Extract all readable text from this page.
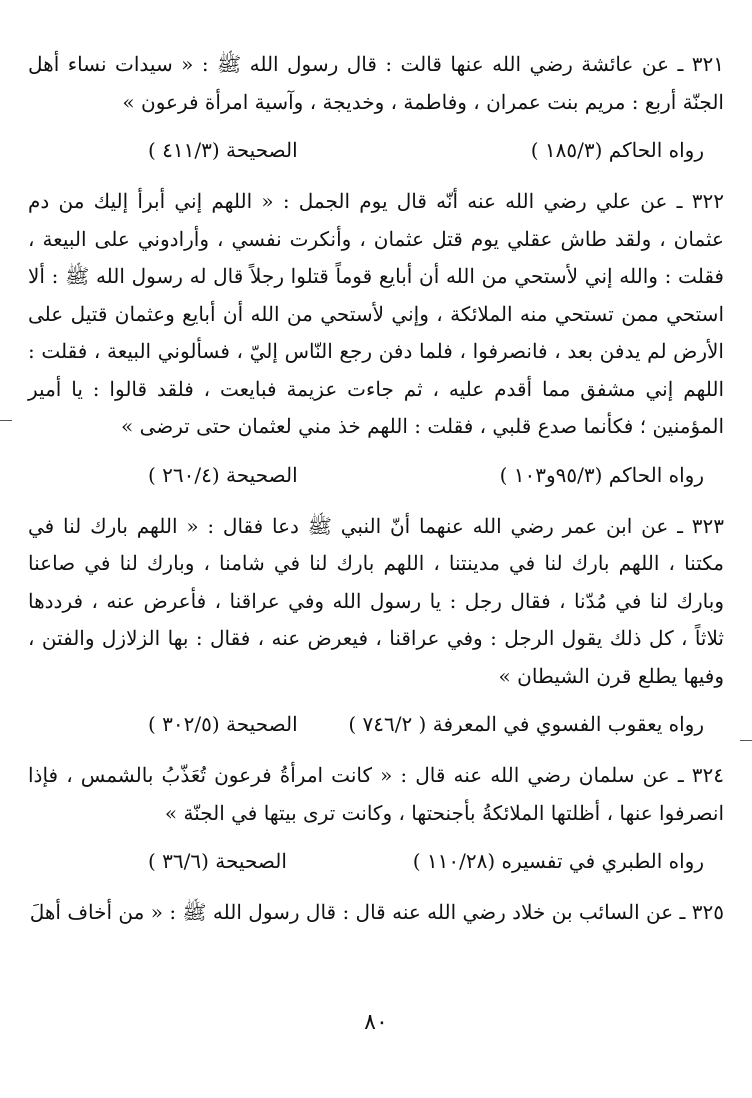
٣٢١ ـ عن عائشة رضي الله عنها قالت : قال رسول الله ﷺ : « سيدات نساء أهل الجنّة أربع : مريم بنت عمران ، وفاطمة ، وخديجة ، وآسية امرأة فرعون »

رواه الحاكم (١٨٥/٣ )
الصحيحة (٤١١/٣ )

٣٢٢ ـ عن علي رضي الله عنه أنّه قال يوم الجمل : « اللهم إني أبرأ إليك من دم عثمان ، ولقد طاش عقلي يوم قتل عثمان ، وأنكرت نفسي ، وأرادوني على البيعة ، فقلت : والله إني لأستحي من الله أن أبايع قوماً قتلوا رجلاً قال له رسول الله ﷺ : ألا استحي ممن تستحي منه الملائكة ، وإني لأستحي من الله أن أبايع وعثمان قتيل على الأرض لم يدفن بعد ، فانصرفوا ، فلما دفن رجع النّاس إليّ ، فسألوني البيعة ، فقلت : اللهم إني مشفق مما أقدم عليه ، ثم جاءت عزيمة فبايعت ، فلقد قالوا : يا أمير المؤمنين ؛ فكأنما صدع قلبي ، فقلت : اللهم خذ مني لعثمان حتى ترضى »

رواه الحاكم (٩٥/٣و١٠٣ )
الصحيحة (٢٦٠/٤ )

٣٢٣ ـ عن ابن عمر رضي الله عنهما أنّ النبي ﷺ دعا فقال : « اللهم بارك لنا في مكتنا ، اللهم بارك لنا في مدينتنا ، اللهم بارك لنا في شامنا ، وبارك لنا في صاعنا وبارك لنا في مُدّنا ، فقال رجل : يا رسول الله وفي عراقنا ، فأعرض عنه ، فرددها ثلاثاً ، كل ذلك يقول الرجل : وفي عراقنا ، فيعرض عنه ، فقال : بها الزلازل والفتن ، وفيها يطلع قرن الشيطان »

رواه يعقوب الفسوي في المعرفة ( ٧٤٦/٢ )
الصحيحة (٣٠٢/٥ )

٣٢٤ ـ عن سلمان رضي الله عنه قال : « كانت امرأةُ فرعون تُعَذّبُ بالشمس ، فإذا انصرفوا عنها ، أظلتها الملائكةُ بأجنحتها ، وكانت ترى بيتها في الجنّة »

رواه الطبري في تفسيره (١١٠/٢٨ )
الصحيحة (٣٦/٦ )

٣٢٥ ـ عن السائب بن خلاد رضي الله عنه قال : قال رسول الله ﷺ : « من أخاف أهلَ

٨٠
